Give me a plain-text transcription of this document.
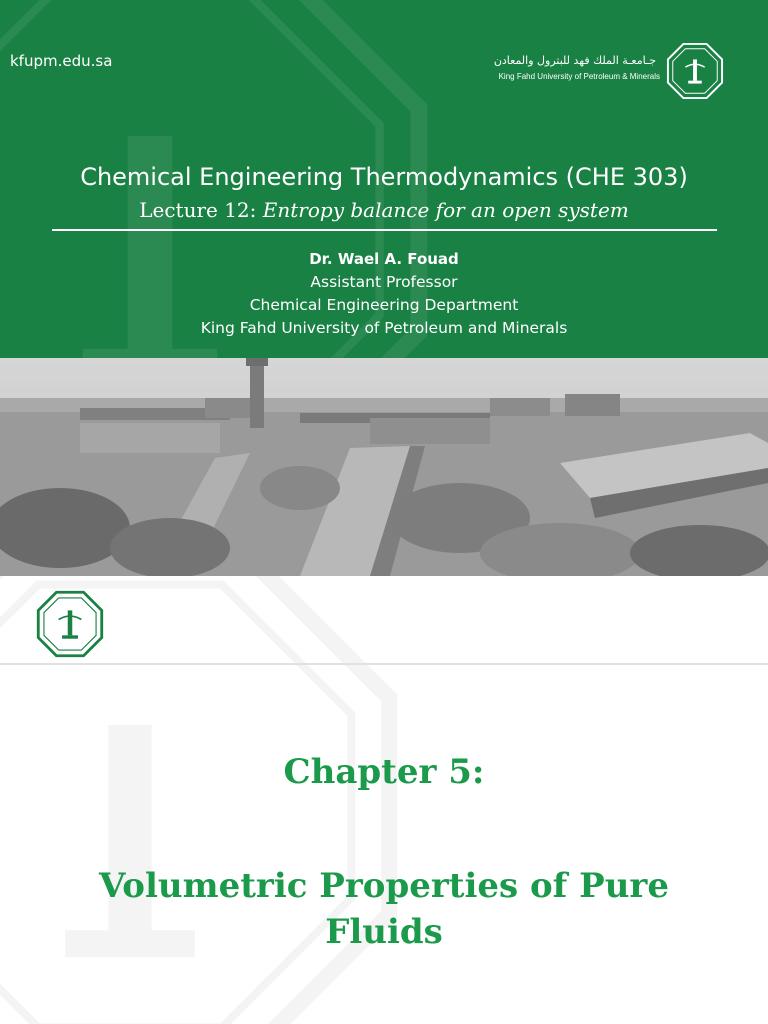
kfupm.edu.sa	جـامعـة الملك فهد للبترول والمعادن
King Fahd University of Petroleum & Minerals
Chemical Engineering Thermodynamics (CHE 303)
Lecture 12: Entropy balance for an open system
Dr. Wael A. Fouad
Assistant Professor
Chemical Engineering Department
King Fahd University of Petroleum and Minerals
Chapter 5:
Volumetric Properties of Pure Fluids
